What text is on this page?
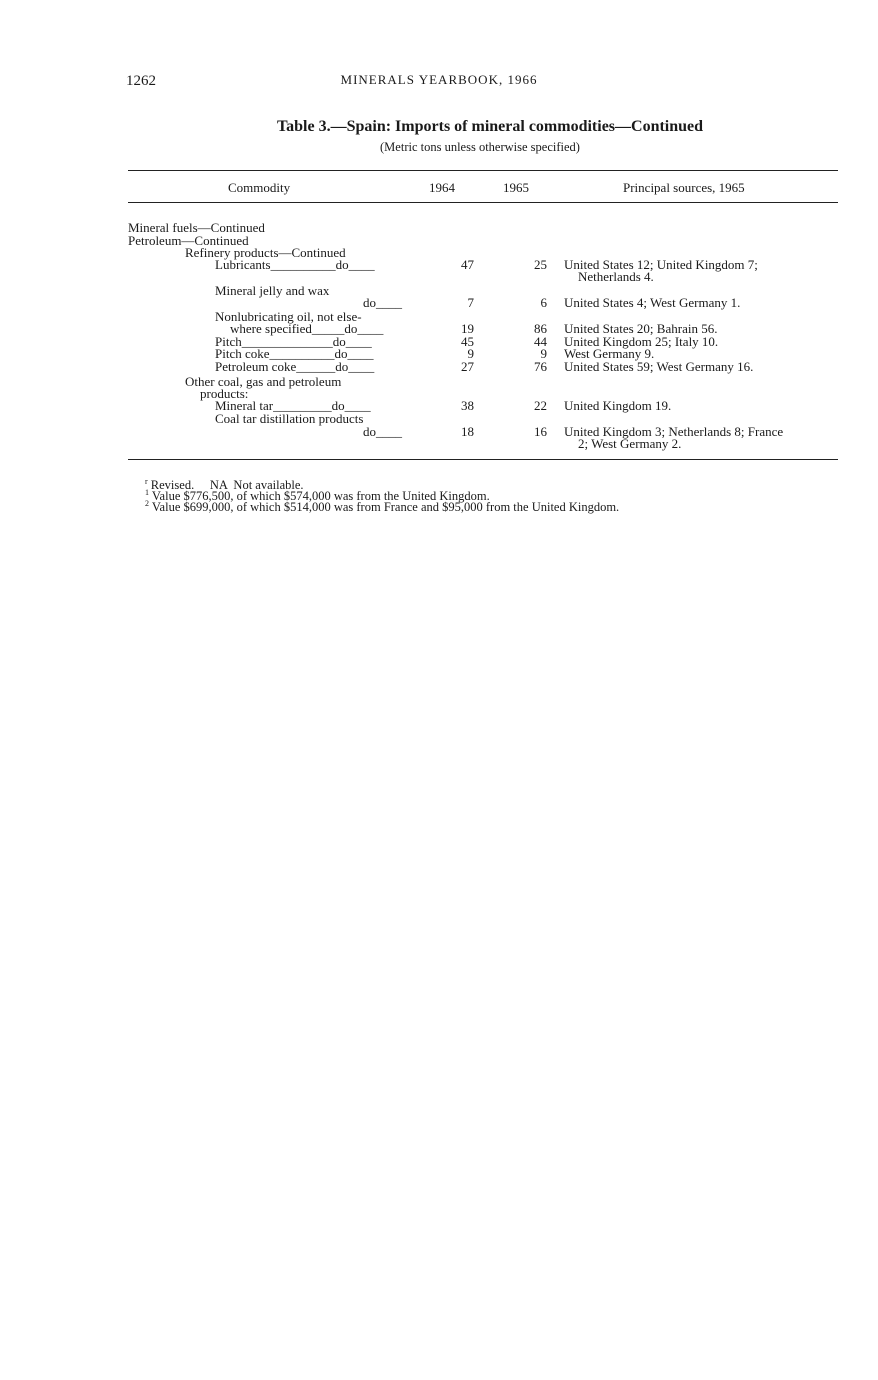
1262	MINERALS YEARBOOK, 1966
Table 3.—Spain: Imports of mineral commodities—Continued
(Metric tons unless otherwise specified)
Commodity	1964	1965	Principal sources, 1965
Mineral fuels—Continued
Petroleum—Continued
Refinery products—Continued
Lubricants__________do____	47	25 United States 12; United Kingdom 7;
Netherlands 4.
Mineral jelly and wax
do____	7	6 United States 4; West Germany 1.
Nonlubricating oil, not else-
where specified_____do____	19	86 United States 20; Bahrain 56.
Pitch______________do____	45	44 United Kingdom 25; Italy 10.
Pitch coke__________do____	9	9 West Germany 9.
Petroleum coke______do____	27	76 United States 59; West Germany 16.
Other coal, gas and petroleum
products:
Mineral tar_________do____	38	22 United Kingdom 19.
Coal tar distillation products
do____	18	16 United Kingdom 3; Netherlands 8; France
2; West Germany 2.
$^r$ Revised.     NA  Not available.
$^1$ Value $776,500, of which $574,000 was from the United Kingdom.
$^2$ Value $699,000, of which $514,000 was from France and $95,000 from the United Kingdom.
